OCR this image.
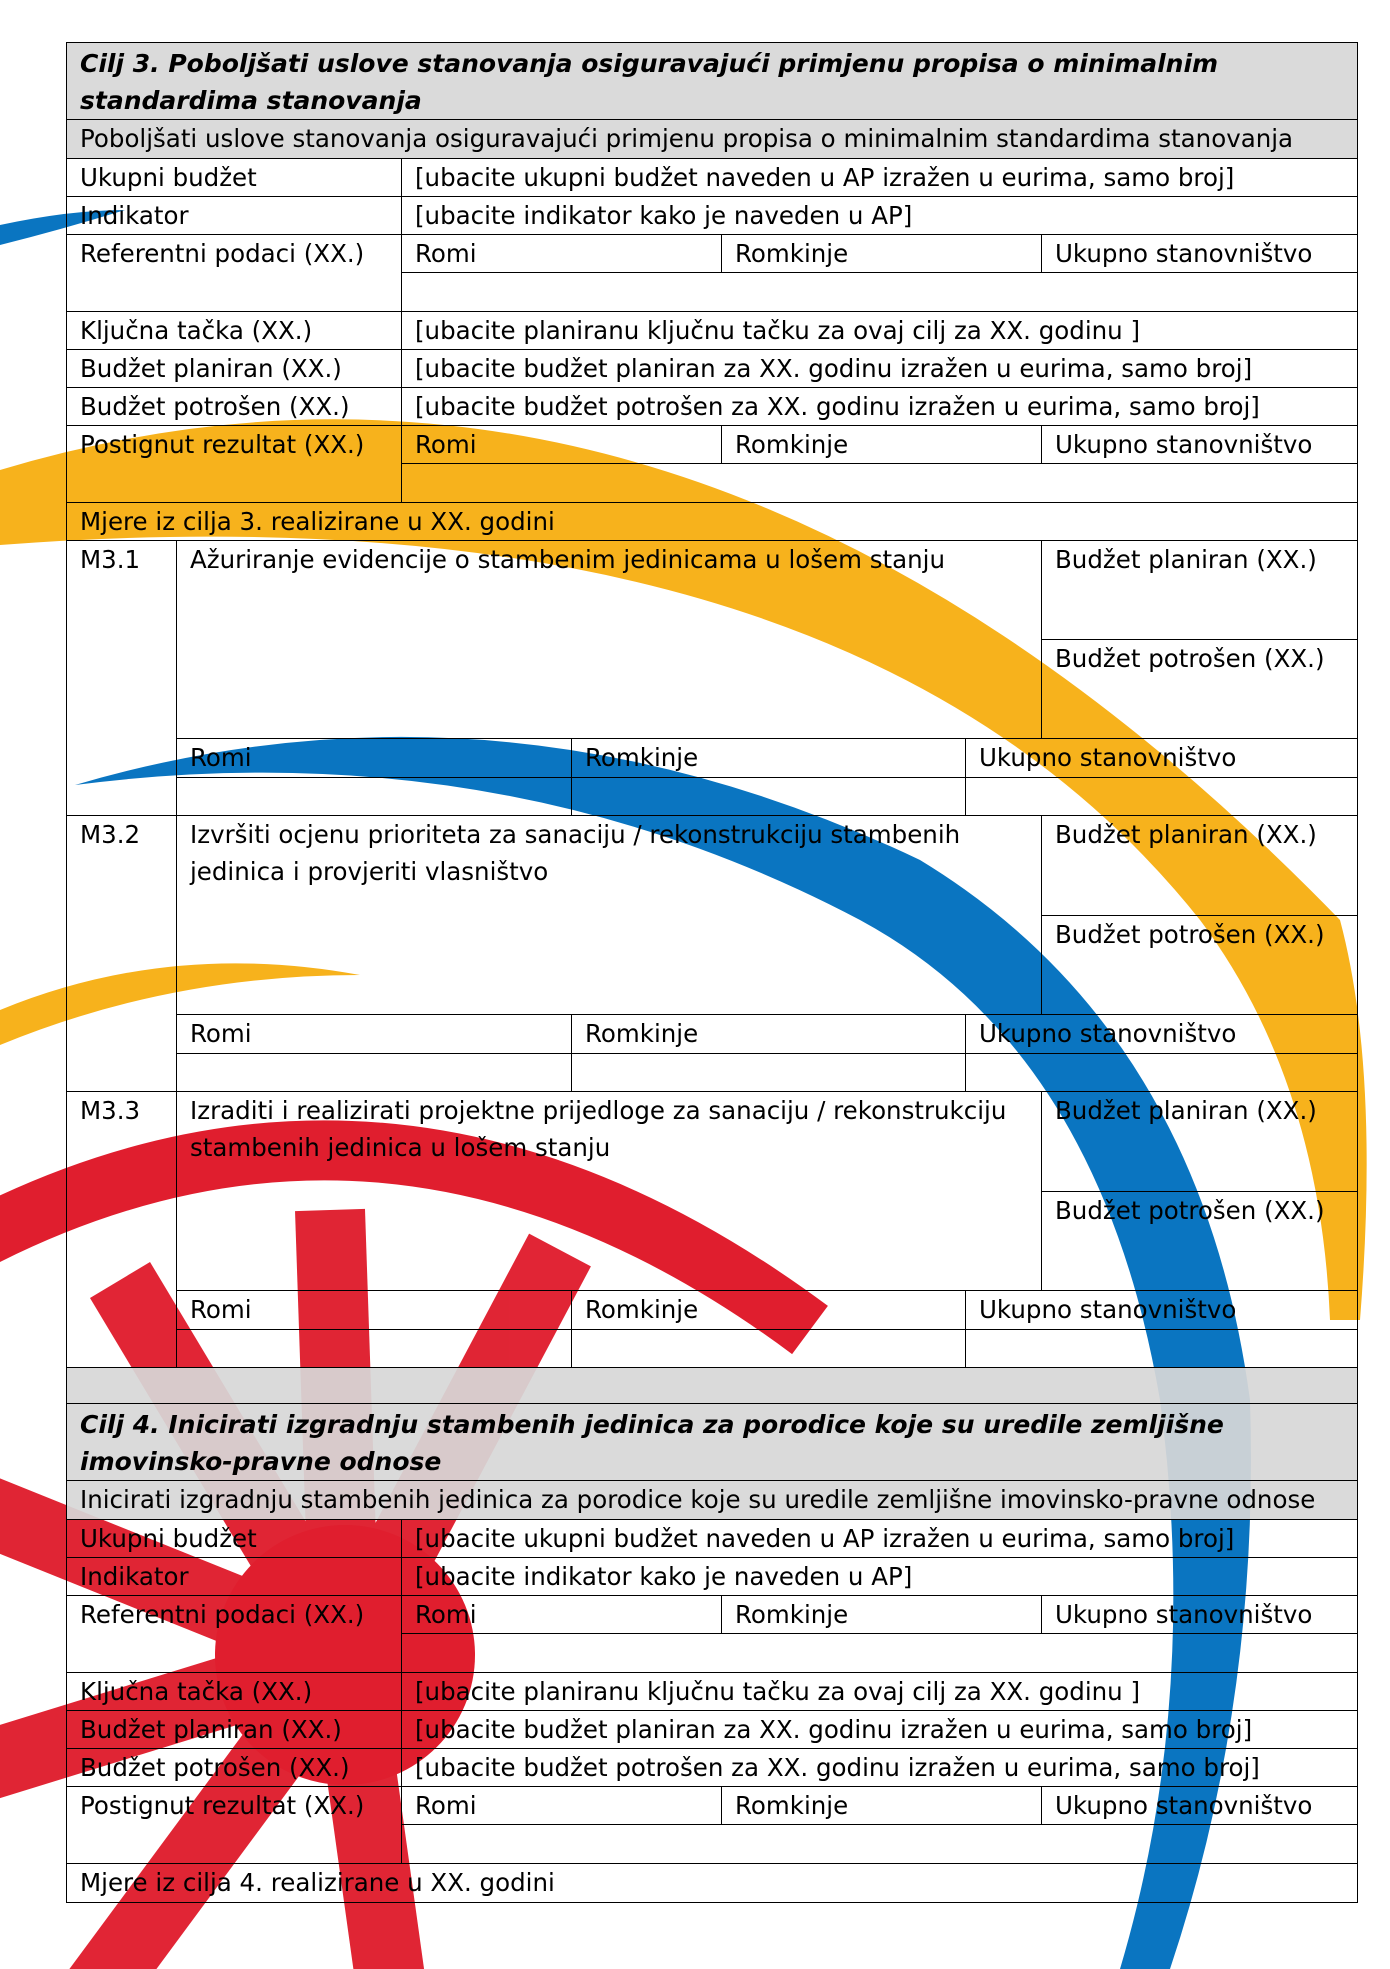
Cilj 3. Poboljšati uslove stanovanja osiguravajući primjenu propisa o minimalnim standardima stanovanja
Poboljšati uslove stanovanja osiguravajući primjenu propisa o minimalnim standardima stanovanja
Ukupni budžet	[ubacite ukupni budžet naveden u AP izražen u eurima, samo broj]
Indikator	[ubacite indikator kako je naveden u AP]
Referentni podaci (XX.)	Romi	Romkinje	Ukupno stanovništvo
Ključna tačka (XX.)	[ubacite planiranu ključnu tačku za ovaj cilj za XX. godinu ]
Budžet planiran (XX.)	[ubacite budžet planiran za XX. godinu izražen u eurima, samo broj]
Budžet potrošen (XX.)	[ubacite budžet potrošen za XX. godinu izražen u eurima, samo broj]
Postignut rezultat (XX.)	Romi	Romkinje	Ukupno stanovništvo
Mjere iz cilja 3. realizirane u XX. godini
M3.1	Ažuriranje evidencije o stambenim jedinicama u lošem stanju	Budžet planiran (XX.)
Budžet potrošen (XX.)
Romi	Romkinje	Ukupno stanovništvo
M3.2	Izvršiti ocjenu prioriteta za sanaciju / rekonstrukciju stambenih jedinica i provjeriti vlasništvo
Budžet planiran (XX.)
Budžet potrošen (XX.)
Romi	Romkinje	Ukupno stanovništvo
M3.3	Izraditi i realizirati projektne prijedloge za sanaciju / rekonstrukciju stambenih jedinica u lošem stanju
Budžet planiran (XX.)
Budžet potrošen (XX.)
Romi	Romkinje	Ukupno stanovništvo
Cilj 4. Inicirati izgradnju stambenih jedinica za porodice koje su uredile zemljišne imovinsko-pravne odnose
Inicirati izgradnju stambenih jedinica za porodice koje su uredile zemljišne imovinsko-pravne odnose
Ukupni budžet	[ubacite ukupni budžet naveden u AP izražen u eurima, samo broj]
Indikator	[ubacite indikator kako je naveden u AP]
Referentni podaci (XX.)	Romi	Romkinje	Ukupno stanovništvo
Ključna tačka (XX.)	[ubacite planiranu ključnu tačku za ovaj cilj za XX. godinu ]
Budžet planiran (XX.)	[ubacite budžet planiran za XX. godinu izražen u eurima, samo broj]
Budžet potrošen (XX.)	[ubacite budžet potrošen za XX. godinu izražen u eurima, samo broj]
Postignut rezultat (XX.)	Romi	Romkinje	Ukupno stanovništvo
Mjere iz cilja 4. realizirane u XX. godini
